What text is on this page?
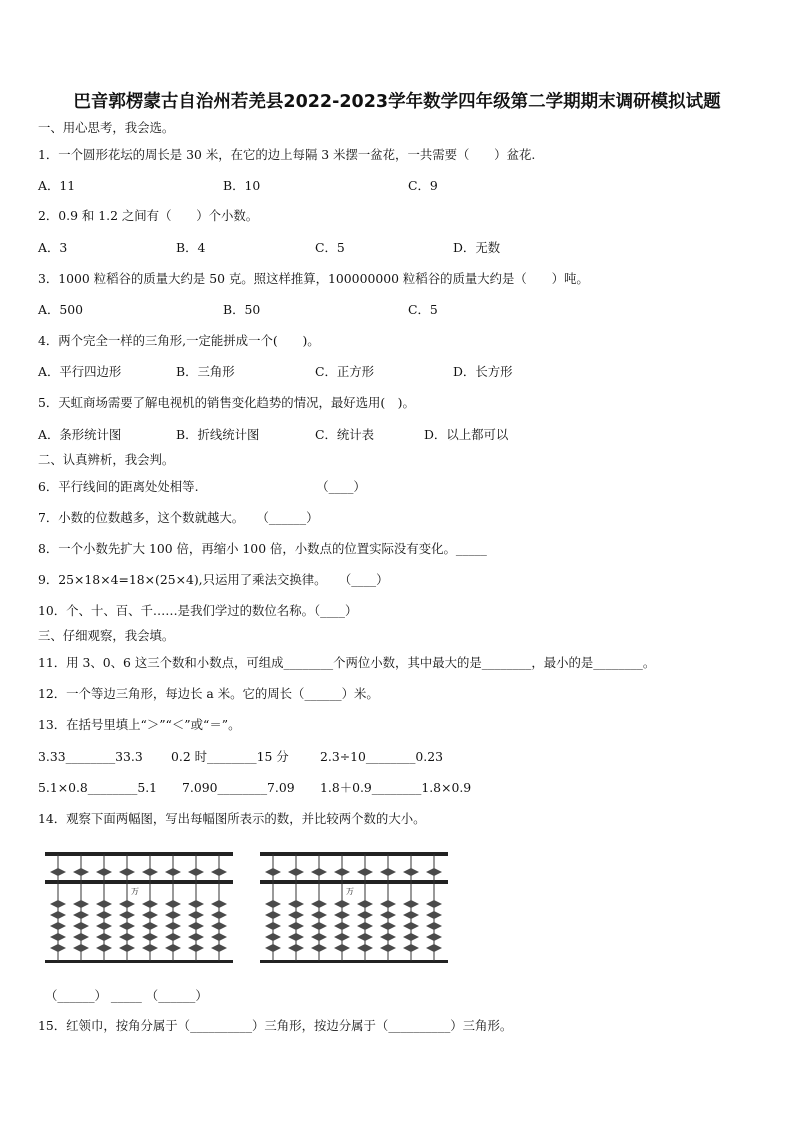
巴音郭楞蒙古自治州若羌县2022-2023学年数学四年级第二学期期末调研模拟试题
一、用心思考，我会选。
1．一个圆形花坛的周长是 30 米，在它的边上每隔 3 米摆一盆花，一共需要（　　）盆花.
A．11	B．10	C．9
2．0.9 和 1.2 之间有（　　）个小数。
A．3	B．4	C．5	D．无数
3．1000 粒稻谷的质量大约是 50 克。照这样推算，100000000 粒稻谷的质量大约是（　　）吨。
A．500	B．50	C．5
4．两个完全一样的三角形,一定能拼成一个(　　)。
A．平行四边形	B．三角形	C．正方形	D．长方形
5．天虹商场需要了解电视机的销售变化趋势的情况，最好选用(　)。
A．条形统计图	B．折线统计图	C．统计表	D．以上都可以
二、认真辨析，我会判。
6．平行线间的距离处处相等.　　　　　　　　　　（____）
7．小数的位数越多，这个数就越大。　　（______）
8．一个小数先扩大 100 倍，再缩小 100 倍，小数点的位置实际没有变化。_____
9．25×18×4=18×(25×4),只运用了乘法交换律。　　（____）
10．个、十、百、千……是我们学过的数位名称。（____）
三、仔细观察，我会填。
11．用 3、0、6 这三个数和小数点，可组成________个两位小数，其中最大的是________，最小的是________。
12．一个等边三角形，每边长 a 米。它的周长（______）米。
13．在括号里填上“＞”“＜”或“＝”。
3.33________33.3 0.2 时________15 分	2.3÷10________0.23
5.1×0.8________5.1 7.090________7.09 1.8＋0.9________1.8×0.9
14．观察下面两幅图，写出每幅图所表示的数，并比较两个数的大小。
万	万
（______） _____ （______）
15．红领巾，按角分属于（__________）三角形，按边分属于（__________）三角形。
